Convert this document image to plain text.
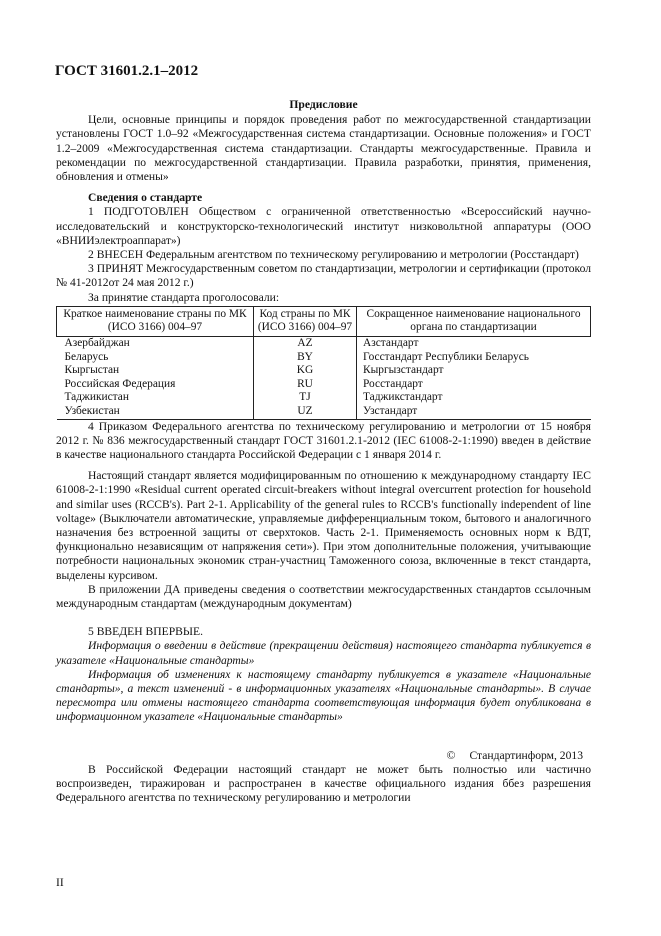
ГОСТ 31601.2.1–2012
Предисловие

Цели, основные принципы и порядок проведения работ по межгосударственной стандартизации установлены ГОСТ 1.0–92 «Межгосударственная система стандартизации. Основные положения» и ГОСТ 1.2–2009 «Межгосударственная система стандартизации. Стандарты межгосударственные. Правила и рекомендации по межгосударственной стандартизации. Правила разработки, принятия, применения, обновления и отмены»

Сведения о стандарте

1 ПОДГОТОВЛЕН Обществом с ограниченной ответственностью «Всероссийский научно-исследовательский и конструкторско-технологический институт низковольтной аппаратуры (ООО «ВНИИэлектроаппарат»)

2 ВНЕСЕН Федеральным агентством по техническому регулированию и метрологии (Росстандарт)

3 ПРИНЯТ Межгосударственным советом по стандартизации, метрологии и сертификации (протокол № 41-2012от 24 мая 2012 г.)

За принятие стандарта проголосовали:

Краткое наименование страны по МК (ИСО 3166) 004–97	Код страны по МК (ИСО 3166) 004–97	Сокращенное наименование национального органа по стандартизации
Азербайджан	AZ	Азстандарт
Беларусь	BY	Госстандарт Республики Беларусь
Кыргыстан	KG	Кыргызстандарт
Российская Федерация	RU	Росстандарт
Таджикистан	TJ	Таджикстандарт
Узбекистан	UZ	Узстандарт

4 Приказом Федерального агентства по техническому регулированию и метрологии от 15 ноября 2012 г. № 836 межгосударственный стандарт ГОСТ 31601.2.1-2012 (IEC 61008-2-1:1990) введен в действие в качестве национального стандарта Российской Федерации с 1 января 2014 г.

Настоящий стандарт является модифицированным по отношению к международному стандарту IEC 61008-2-1:1990 «Residual current operated circuit-breakers without integral overcurrent protection for household and similar uses (RCCB's). Part 2-1. Applicability of the general rules to RCCB's functionally independent of line voltage» (Выключатели автоматические, управляемые дифференциальным током, бытового и аналогичного назначения без встроенной защиты от сверхтоков. Часть 2-1. Применяемость основных норм к ВДТ, функционально независящим от напряжения сети»). При этом дополнительные положения, учитывающие потребности национальных экономик стран-участниц Таможенного союза, включенные в текст стандарта, выделены курсивом.

В приложении ДА приведены сведения о соответствии межгосударственных стандартов ссылочным международным стандартам (международным документам)

5 ВВЕДЕН ВПЕРВЫЕ.

Информация о введении в действие (прекращении действия) настоящего стандарта публикуется в указателе «Национальные стандарты»

Информация об изменениях к настоящему стандарту публикуется в указателе «Национальные стандарты», а текст изменений - в информационных указателях «Национальные стандарты». В случае пересмотра или отмены настоящего стандарта соответствующая информация будет опубликована в информационном указателе «Национальные стандарты»

© Стандартинформ, 2013

В Российской Федерации настоящий стандарт не может быть полностью или частично воспроизведен, тиражирован и распространен в качестве официального издания ббез разрешения Федерального агентства по техническому регулированию и метрологии

II
